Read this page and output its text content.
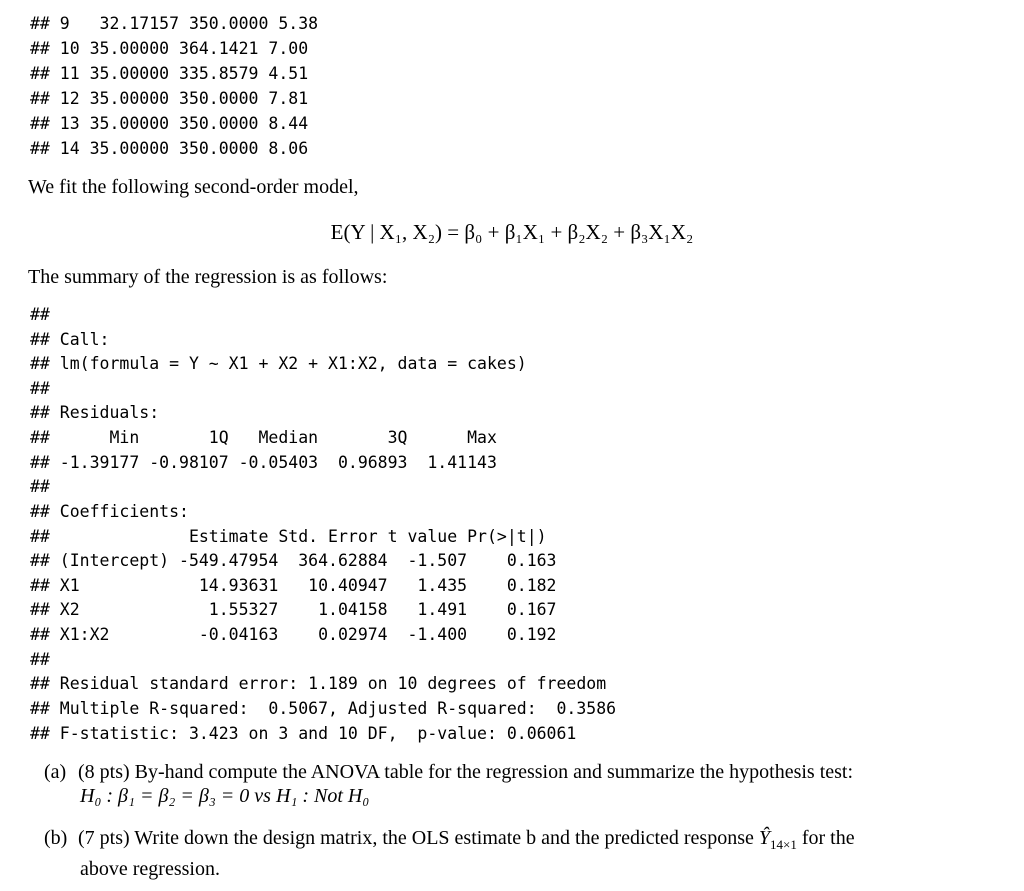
## 9   32.17157 350.0000 5.38
## 10 35.00000 364.1421 7.00
## 11 35.00000 335.8579 4.51
## 12 35.00000 350.0000 7.81
## 13 35.00000 350.0000 8.44
## 14 35.00000 350.0000 8.06
We fit the following second-order model,
E(Y | X₁, X₂) = β₀ + β₁X₁ + β₂X₂ + β₃X₁X₂
The summary of the regression is as follows:
##
## Call:
## lm(formula = Y ~ X1 + X2 + X1:X2, data = cakes)
##
## Residuals:
##      Min       1Q   Median       3Q      Max
## -1.39177 -0.98107 -0.05403  0.96893  1.41143
##
## Coefficients:
##              Estimate Std. Error t value Pr(>|t|)
## (Intercept) -549.47954  364.62884  -1.507    0.163
## X1            14.93631   10.40947   1.435    0.182
## X2             1.55327    1.04158   1.491    0.167
## X1:X2         -0.04163    0.02974  -1.400    0.192
##
## Residual standard error: 1.189 on 10 degrees of freedom
## Multiple R-squared:  0.5067, Adjusted R-squared:  0.3586
## F-statistic: 3.423 on 3 and 10 DF,  p-value: 0.06061
(a) (8 pts) By-hand compute the ANOVA table for the regression and summarize the hypothesis test:
H₀ : β₁ = β₂ = β₃ = 0 vs H₁ : Not H₀
(b) (7 pts) Write down the design matrix, the OLS estimate b and the predicted response $Ŷ_{14\times 1}$ for the
above regression.
